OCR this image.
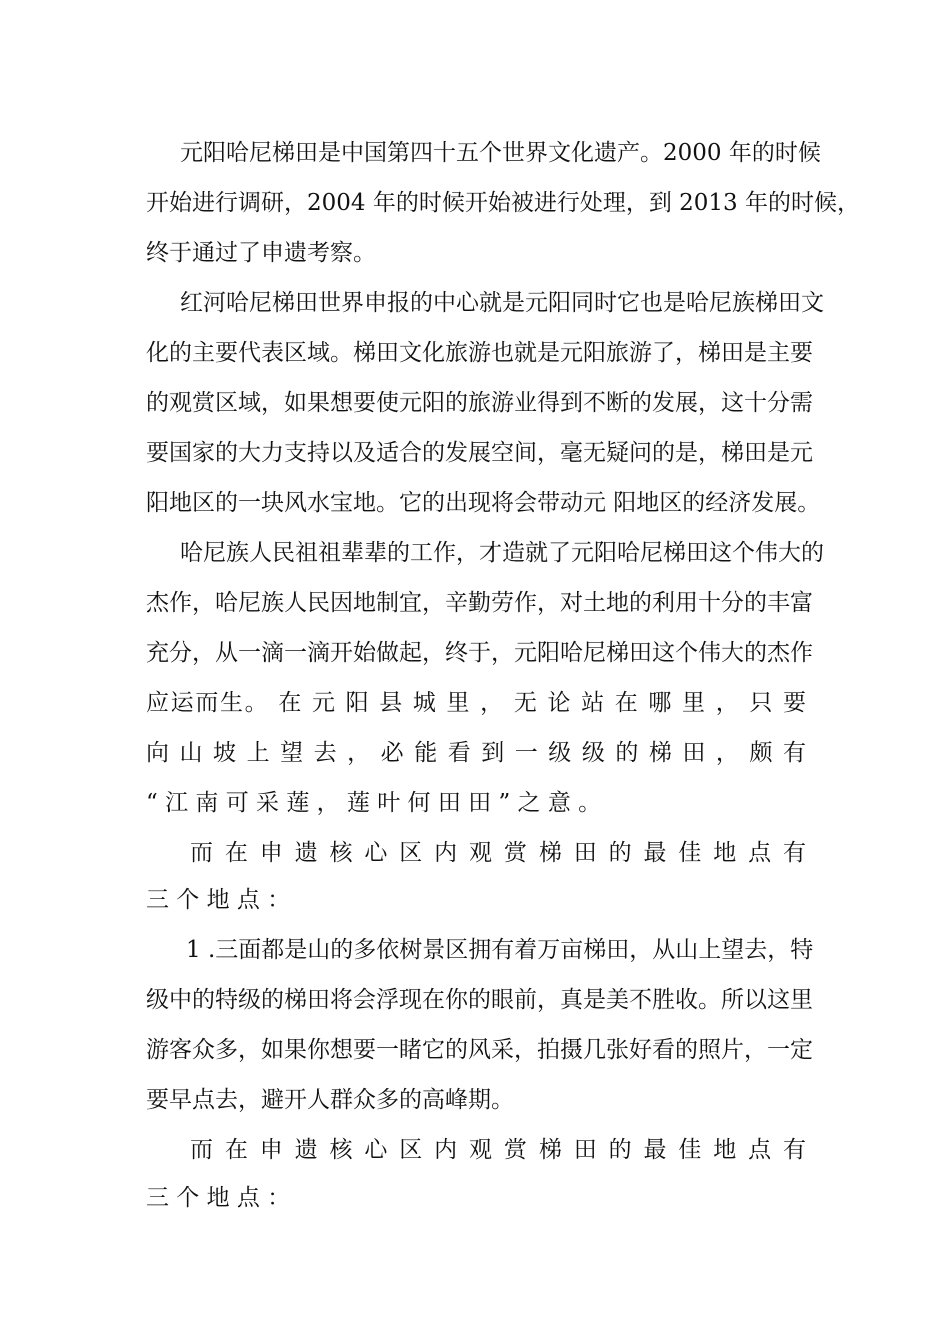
元阳哈尼梯田是中国第四十五个世界文化遗产。2000 年的时候
开始进行调研，2004 年的时候开始被进行处理，到 2013 年的时候，
终于通过了申遗考察。
红河哈尼梯田世界申报的中心就是元阳同时它也是哈尼族梯田文
化的主要代表区域。梯田文化旅游也就是元阳旅游了，梯田是主要
的观赏区域，如果想要使元阳的旅游业得到不断的发展，这十分需
要国家的大力支持以及适合的发展空间，毫无疑问的是，梯田是元
阳地区的一块风水宝地。它的出现将会带动元 阳地区的经济发展。
哈尼族人民祖祖辈辈的工作，才造就了元阳哈尼梯田这个伟大的
杰作，哈尼族人民因地制宜，辛勤劳作，对土地的利用十分的丰富
充分，从一滴一滴开始做起，终于，元阳哈尼梯田这个伟大的杰作
应运而生。 在 元 阳 县 城 里 ， 无 论 站 在 哪 里 ， 只 要
向 山 坡 上 望 去 ， 必 能 看 到 一 级 级 的 梯 田 ， 颇 有
“ 江 南 可 采 莲 ， 莲 叶 何 田 田 ” 之 意 。
而 在 申 遗 核 心 区 内 观 赏 梯 田 的 最 佳 地 点 有
三 个 地 点 ：
1 .三面都是山的多依树景区拥有着万亩梯田，从山上望去，特
级中的特级的梯田将会浮现在你的眼前，真是美不胜收。所以这里
游客众多，如果你想要一睹它的风采，拍摄几张好看的照片，一定
要早点去，避开人群众多的高峰期。
而 在 申 遗 核 心 区 内 观 赏 梯 田 的 最 佳 地 点 有
三 个 地 点 ：
